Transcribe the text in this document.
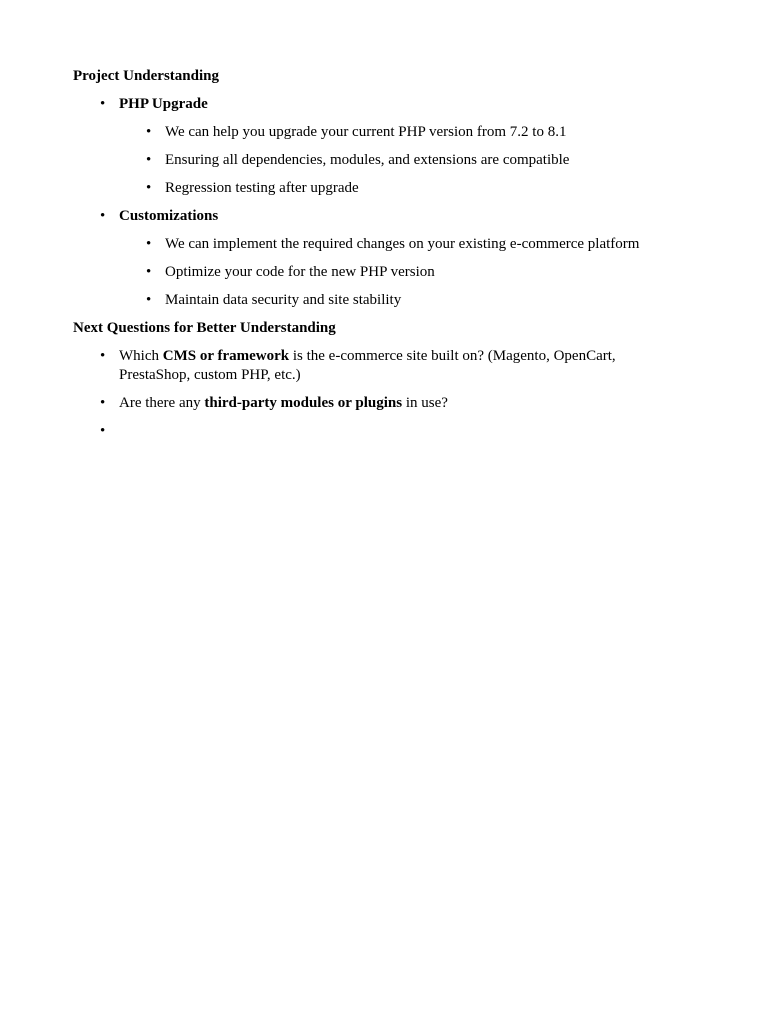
Project Understanding
• PHP Upgrade
• We can help you upgrade your current PHP version from 7.2 to 8.1
• Ensuring all dependencies, modules, and extensions are compatible
• Regression testing after upgrade
• Customizations
• We can implement the required changes on your existing e-commerce platform
• Optimize your code for the new PHP version
• Maintain data security and site stability
Next Questions for Better Understanding
• Which CMS or framework is the e-commerce site built on? (Magento, OpenCart, PrestaShop, custom PHP, etc.)
• Are there any third-party modules or plugins in use?
•
